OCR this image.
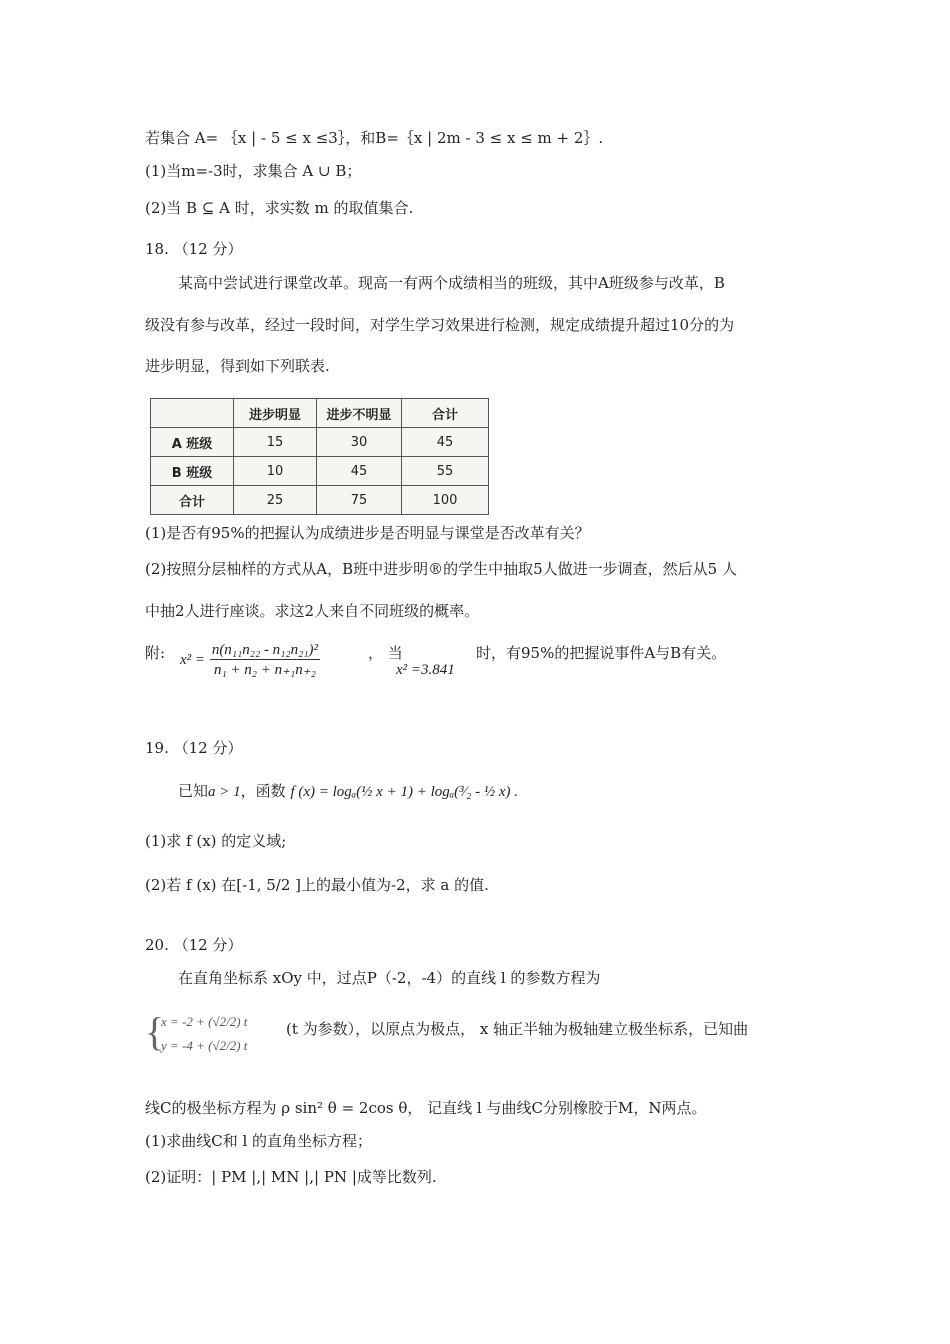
若集合 A= ｛x | - 5 ≤ x ≤3｝，和B=｛x | 2m - 3 ≤ x ≤ m + 2｝.
(1)当m=-3时，求集合 A ∪ B；
(2)当 B ⊆ A 时，求实数 m 的取值集合.
18. （12 分）
某高中尝试进行课堂改革。现高一有两个成绩相当的班级，其中A班级参与改革，B
级没有参与改革，经过一段时间，对学生学习效果进行检测，规定成绩提升超过10分的为
进步明显，得到如下列联表.
	进步明显	进步不明显	合计
A 班级	15	30	45
B 班级	10	45	55
合计	25	75	100
(1)是否有95%的把握认为成绩进步是否明显与课堂是否改革有关？
(2)按照分层柚样的方式从A，B班中进步明®的学生中抽取5人做进一步调查，然后从5 人
中抽2人进行座谈。求这2人来自不同班级的概率。
附: $x^2 = \frac{\text{n(n₁₁n₂₂ - n₁₂n₂₁)²}}{\text{n₁ + n₂ + n₊₁n₊₂}}$	， 当
x² =3.841
时，有95%的把握说事件A与B有关。
19. （12 分）
已知a > 1，函数 f (x) = logₐ(½ x + 1) + logₐ(³⁄₂ - ½ x) .
(1)求 f (x) 的定义域;
(2)若 f (x) 在[-1, 5/2 ]上的最小值为-2，求 a 的值.
20. （12 分）
在直角坐标系 xOy 中，过点P（-2，-4）的直线 l 的参数方程为
{
x = -2 + (√2/2) t
y = -4 + (√2/2) t
(t 为参数），以原点为极点， x 轴正半轴为极轴建立极坐标系，已知曲
线C的极坐标方程为 ρ sin² θ = 2cos θ， 记直线 l 与曲线C分别橡胶于M，N两点。
(1)求曲线C和 l 的直角坐标方程；
(2)证明：| PM |,| MN |,| PN |成等比数列.
